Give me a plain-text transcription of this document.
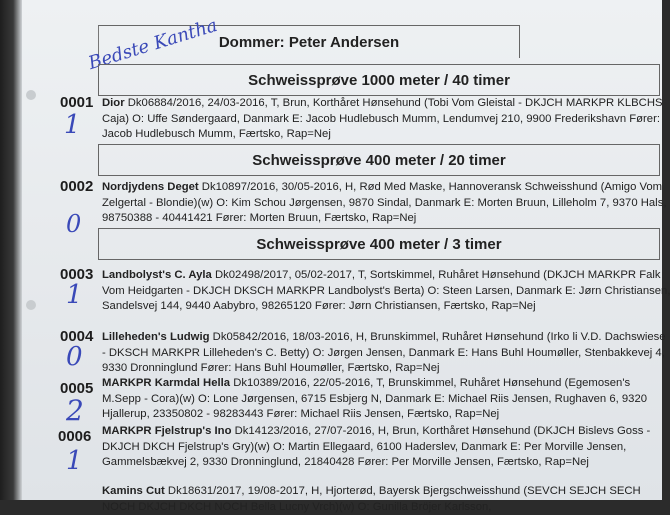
Dommer: Peter Andersen
Bedste Kantha
Schweissprøve 1000 meter / 40 timer
0001 Dior Dk06884/2016, 24/03-2016, T, Brun, Korthåret Hønsehund (Tobi Vom Gleistal - DKJCH MARKPR KLBCHS
Caja) O: Uffe Søndergaard, Danmark E: Jacob Hudlebusch Mumm, Lendumvej 210, 9900 Frederikshavn Fører:
Jacob Hudlebusch Mumm, Færtsko, Rap=Nej
1
Schweissprøve 400 meter / 20 timer
0002 Nordjydens Deget Dk10897/2016, 30/05-2016, H, Rød Med Maske, Hannoveransk Schweisshund (Amigo Vom
Zelgertal - Blondie)(w) O: Kim Schou Jørgensen, 9870 Sindal, Danmark E: Morten Bruun, Lilleholm 7, 9370 Hals,
98750388 - 40441421 Fører: Morten Bruun, Færtsko, Rap=Nej
0
Schweissprøve 400 meter / 3 timer
0003 Landbolyst's C. Ayla Dk02498/2017, 05/02-2017, T, Sortskimmel, Ruhåret Hønsehund (DKJCH MARKPR Falk
Vom Heidgarten - DKJCH DKSCH MARKPR Landbolyst's Berta) O: Steen Larsen, Danmark E: Jørn Christiansen,
Sandelsvej 144, 9440 Aabybro, 98265120 Fører: Jørn Christiansen, Færtsko, Rap=Nej
1
0004 Lilleheden's Ludwig Dk05842/2016, 18/03-2016, H, Brunskimmel, Ruhåret Hønsehund (Irko li V.D. Dachswiese
- DKSCH MARKPR Lilleheden's C. Betty) O: Jørgen Jensen, Danmark E: Hans Buhl Houmøller, Stenbakkevej 4,
9330 Dronninglund Fører: Hans Buhl Houmøller, Færtsko, Rap=Nej
0
0005 MARKPR Karmdal Hella Dk10389/2016, 22/05-2016, T, Brunskimmel, Ruhåret Hønsehund (Egemosen's
M.Sepp - Cora)(w) O: Lone Jørgensen, 6715 Esbjerg N, Danmark E: Michael Riis Jensen, Rughaven 6, 9320
Hjallerup, 23350802 - 98283443 Fører: Michael Riis Jensen, Færtsko, Rap=Nej
2
0006 MARKPR Fjelstrup's Ino Dk14123/2016, 27/07-2016, H, Brun, Korthåret Hønsehund (DKJCH Bislevs Goss -
DKJCH DKCH Fjelstrup's Gry)(w) O: Martin Ellegaard, 6100 Haderslev, Danmark E: Per Morville Jensen,
Gammelsbækvej 2, 9330 Dronninglund, 21840428 Fører: Per Morville Jensen, Færtsko, Rap=Nej
1
Kamins Cut Dk18631/2017, 19/08-2017, H, Hjorterød, Bayersk Bjergschweisshund (SEVCH SEJCH SECH
NOCH DKJCH DKCH NOCH Bella Lucny Vrch)(w) O: Gunilla Bröjer Karlsson,
